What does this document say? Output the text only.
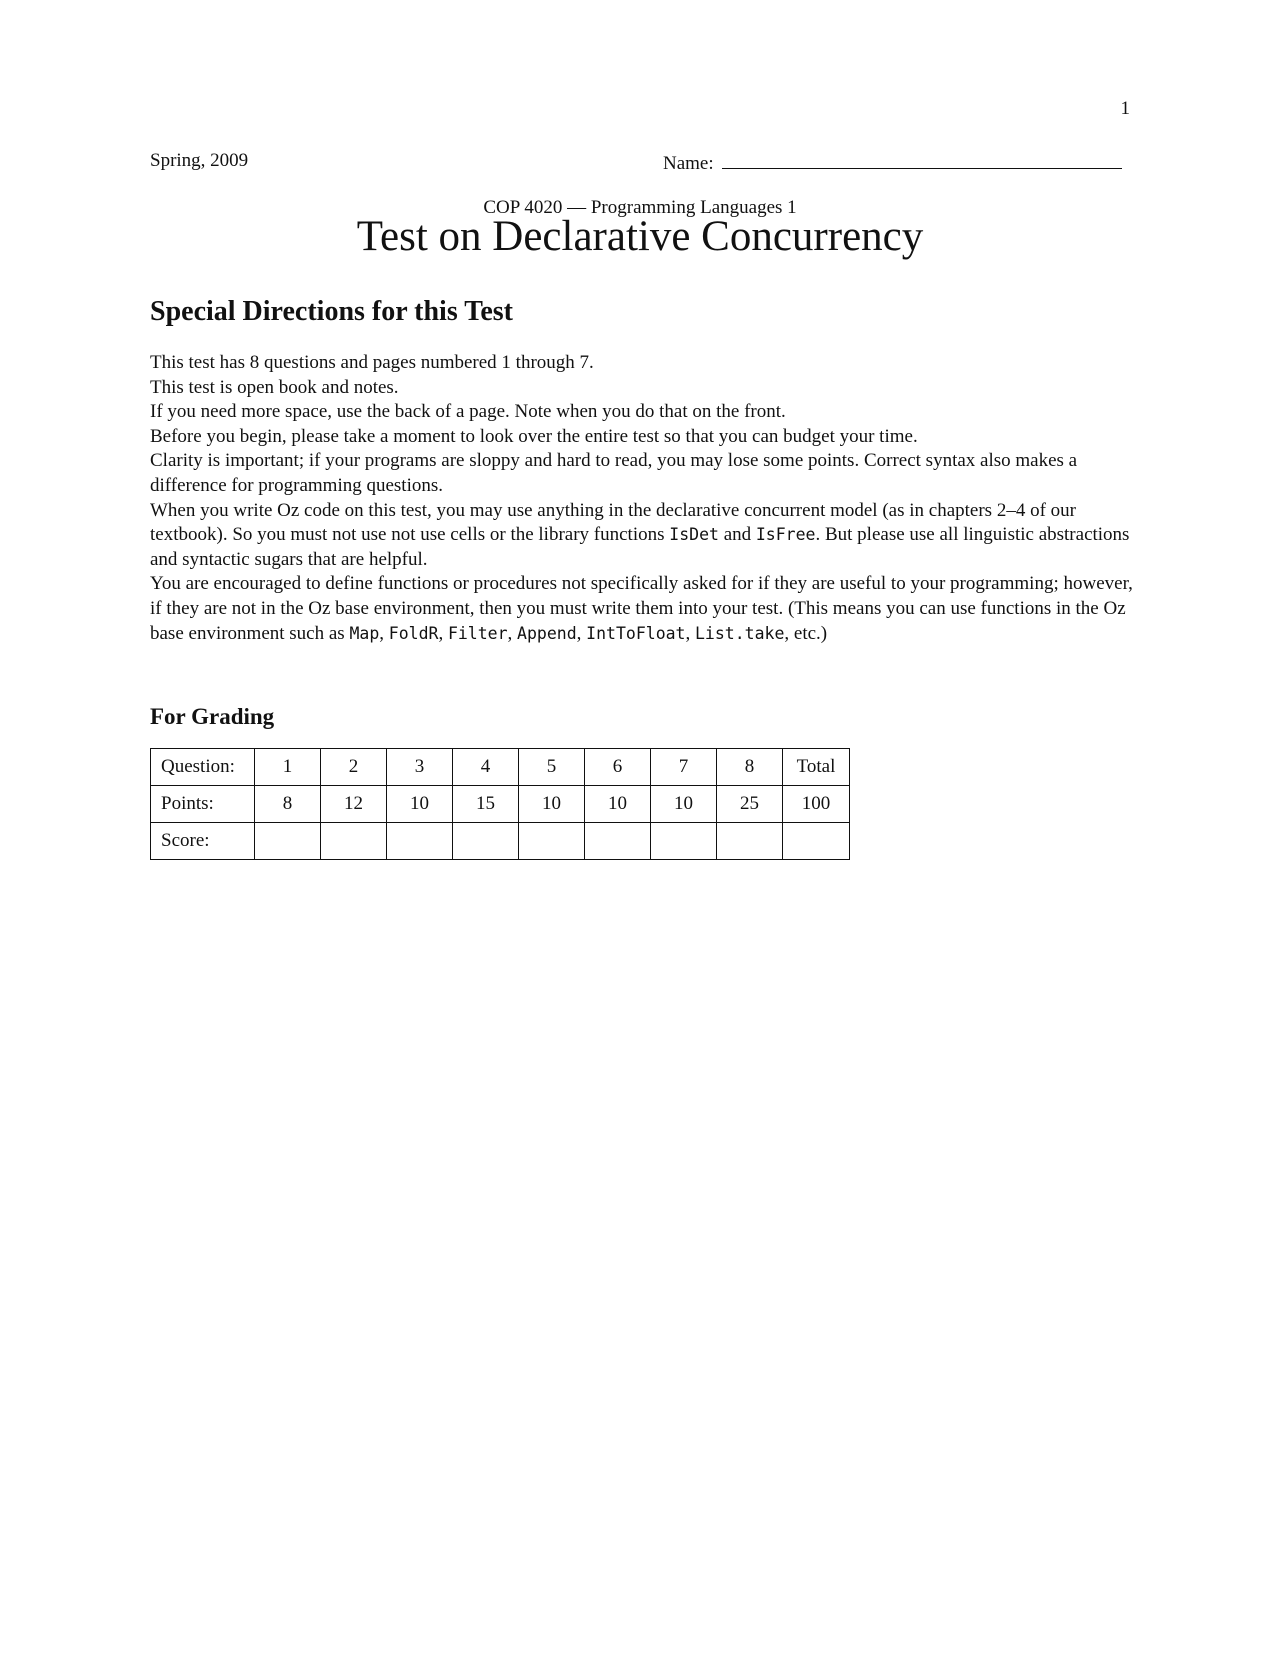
1
Spring, 2009	Name:
COP 4020 — Programming Languages 1
Test on Declarative Concurrency
Special Directions for this Test

This test has 8 questions and pages numbered 1 through 7.

This test is open book and notes.

If you need more space, use the back of a page. Note when you do that on the front.

Before you begin, please take a moment to look over the entire test so that you can budget your time.

Clarity is important; if your programs are sloppy and hard to read, you may lose some points. Correct syntax also makes a difference for programming questions.

When you write Oz code on this test, you may use anything in the declarative concurrent model (as in chapters 2–4 of our textbook). So you must not use not use cells or the library functions IsDet and IsFree. But please use all linguistic abstractions and syntactic sugars that are helpful.

You are encouraged to define functions or procedures not specifically asked for if they are useful to your programming; however, if they are not in the Oz base environment, then you must write them into your test. (This means you can use functions in the Oz base environment such as Map, FoldR, Filter, Append, IntToFloat, List.take, etc.)

For Grading
Question:	1	2	3	4	5	6	7	8	Total
Points:	8	12	10	15	10	10	10	25	100
Score:									
